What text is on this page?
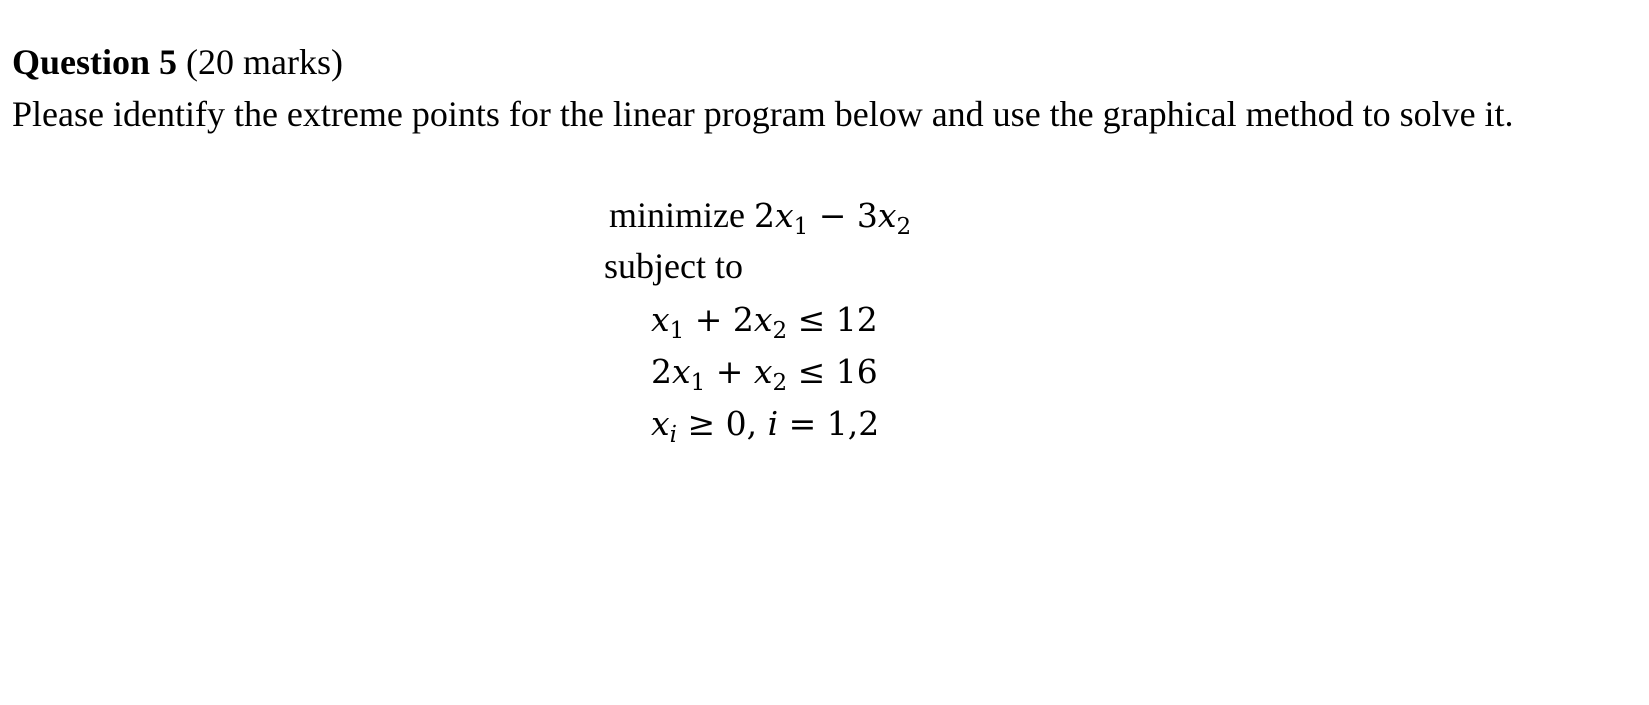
Question 5 (20 marks)
Please identify the extreme points for the linear program below and use the graphical method to solve it.
minimize $2x_1 - 3x_2$
subject to
$x_1 + 2x_2 \le 12$
$2x_1 + x_2 \le 16$
$x_i \ge 0$, i = 1,2
